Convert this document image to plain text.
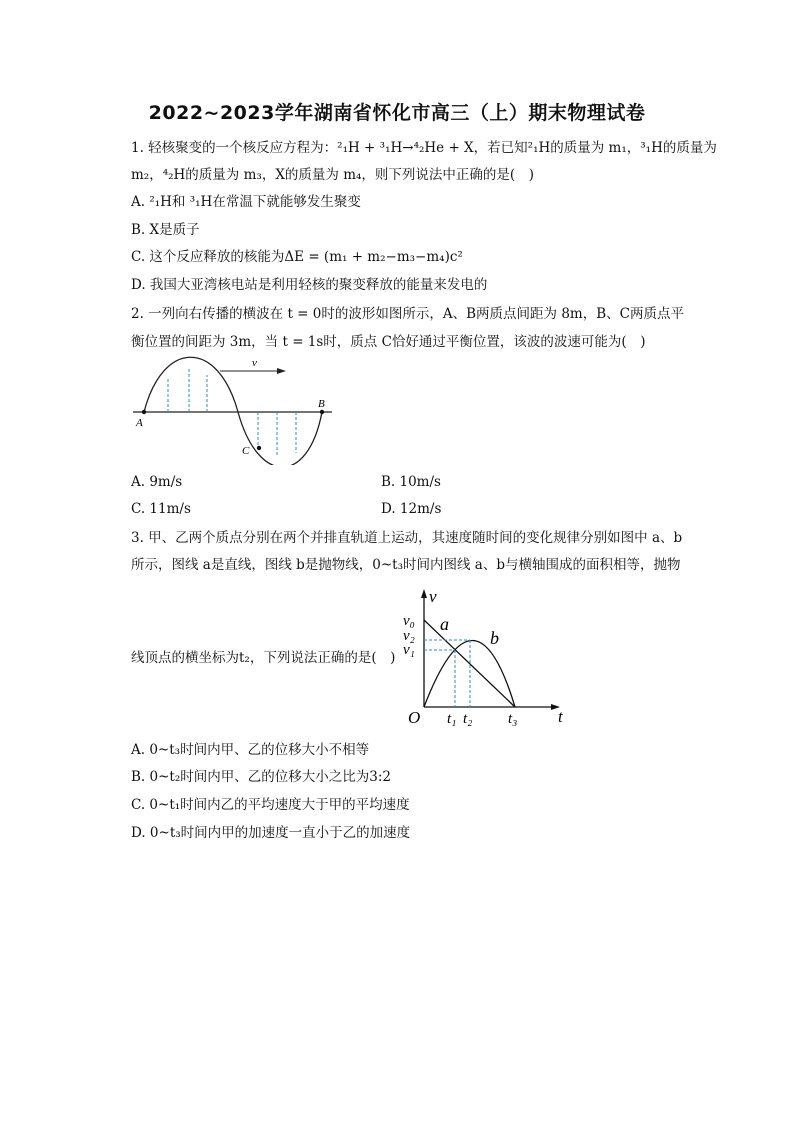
2022~2023学年湖南省怀化市高三（上）期末物理试卷
1. 轻核聚变的一个核反应方程为：²₁H + ³₁H→⁴₂He + X，若已知²₁H的质量为 m₁，³₁H的质量为
m₂，⁴₂H的质量为 m₃，X的质量为 m₄，则下列说法中正确的是(　)
A. ²₁H和 ³₁H在常温下就能够发生聚变
B. X是质子
C. 这个反应释放的核能为ΔE = (m₁ + m₂−m₃−m₄)c²
D. 我国大亚湾核电站是利用轻核的聚变释放的能量来发电的
2. 一列向右传播的横波在 t = 0时的波形如图所示，A、B两质点间距为 8m，B、C两质点平
衡位置的间距为 3m，当 t = 1s时，质点 C恰好通过平衡位置，该波的波速可能为(　)
v
A
B
C
A. 9m/s	B. 10m/s
C. 11m/s	D. 12m/s
3. 甲、乙两个质点分别在两个并排直轨道上运动，其速度随时间的变化规律分别如图中 a、b
所示，图线 a是直线，图线 b是抛物线，0~t₃时间内图线 a、b与横轴围成的面积相等，抛物
线顶点的横坐标为t₂，下列说法正确的是(　)
v
t
O
v₀
v₂
v₁
a
b
t₁ t₂ t₃
A. 0~t₃时间内甲、乙的位移大小不相等
B. 0~t₂时间内甲、乙的位移大小之比为3:2
C. 0~t₁时间内乙的平均速度大于甲的平均速度
D. 0~t₃时间内甲的加速度一直小于乙的加速度
